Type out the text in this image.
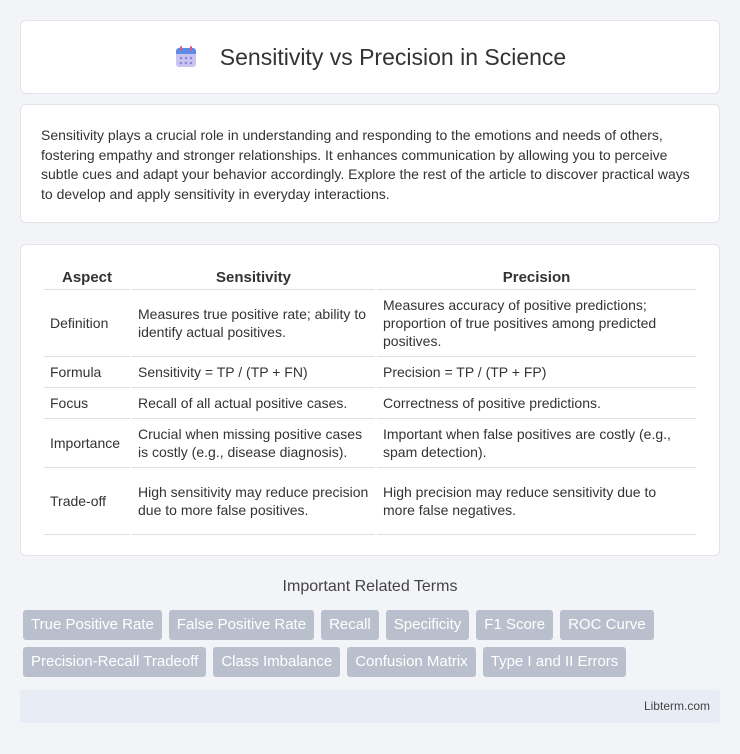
Sensitivity vs Precision in Science

Sensitivity plays a crucial role in understanding and responding to the emotions and needs of others, fostering empathy and stronger relationships. It enhances communication by allowing you to perceive subtle cues and adapt your behavior accordingly. Explore the rest of the article to discover practical ways to develop and apply sensitivity in everyday interactions.

Aspect	Sensitivity	Precision
Definition	Measures true positive rate; ability to identify actual positives.	Measures accuracy of positive predictions; proportion of true positives among predicted positives.
Formula	Sensitivity = TP / (TP + FN)	Precision = TP / (TP + FP)
Focus	Recall of all actual positive cases.	Correctness of positive predictions.
Importance	Crucial when missing positive cases is costly (e.g., disease diagnosis).	Important when false positives are costly (e.g., spam detection).
Trade-off	High sensitivity may reduce precision due to more false positives.	High precision may reduce sensitivity due to more false negatives.
Important Related Terms
True Positive Rate	False Positive Rate	Recall	Specificity	F1 Score	ROC Curve
Precision-Recall Tradeoff	Class Imbalance	Confusion Matrix	Type I and II Errors
Libterm.com
